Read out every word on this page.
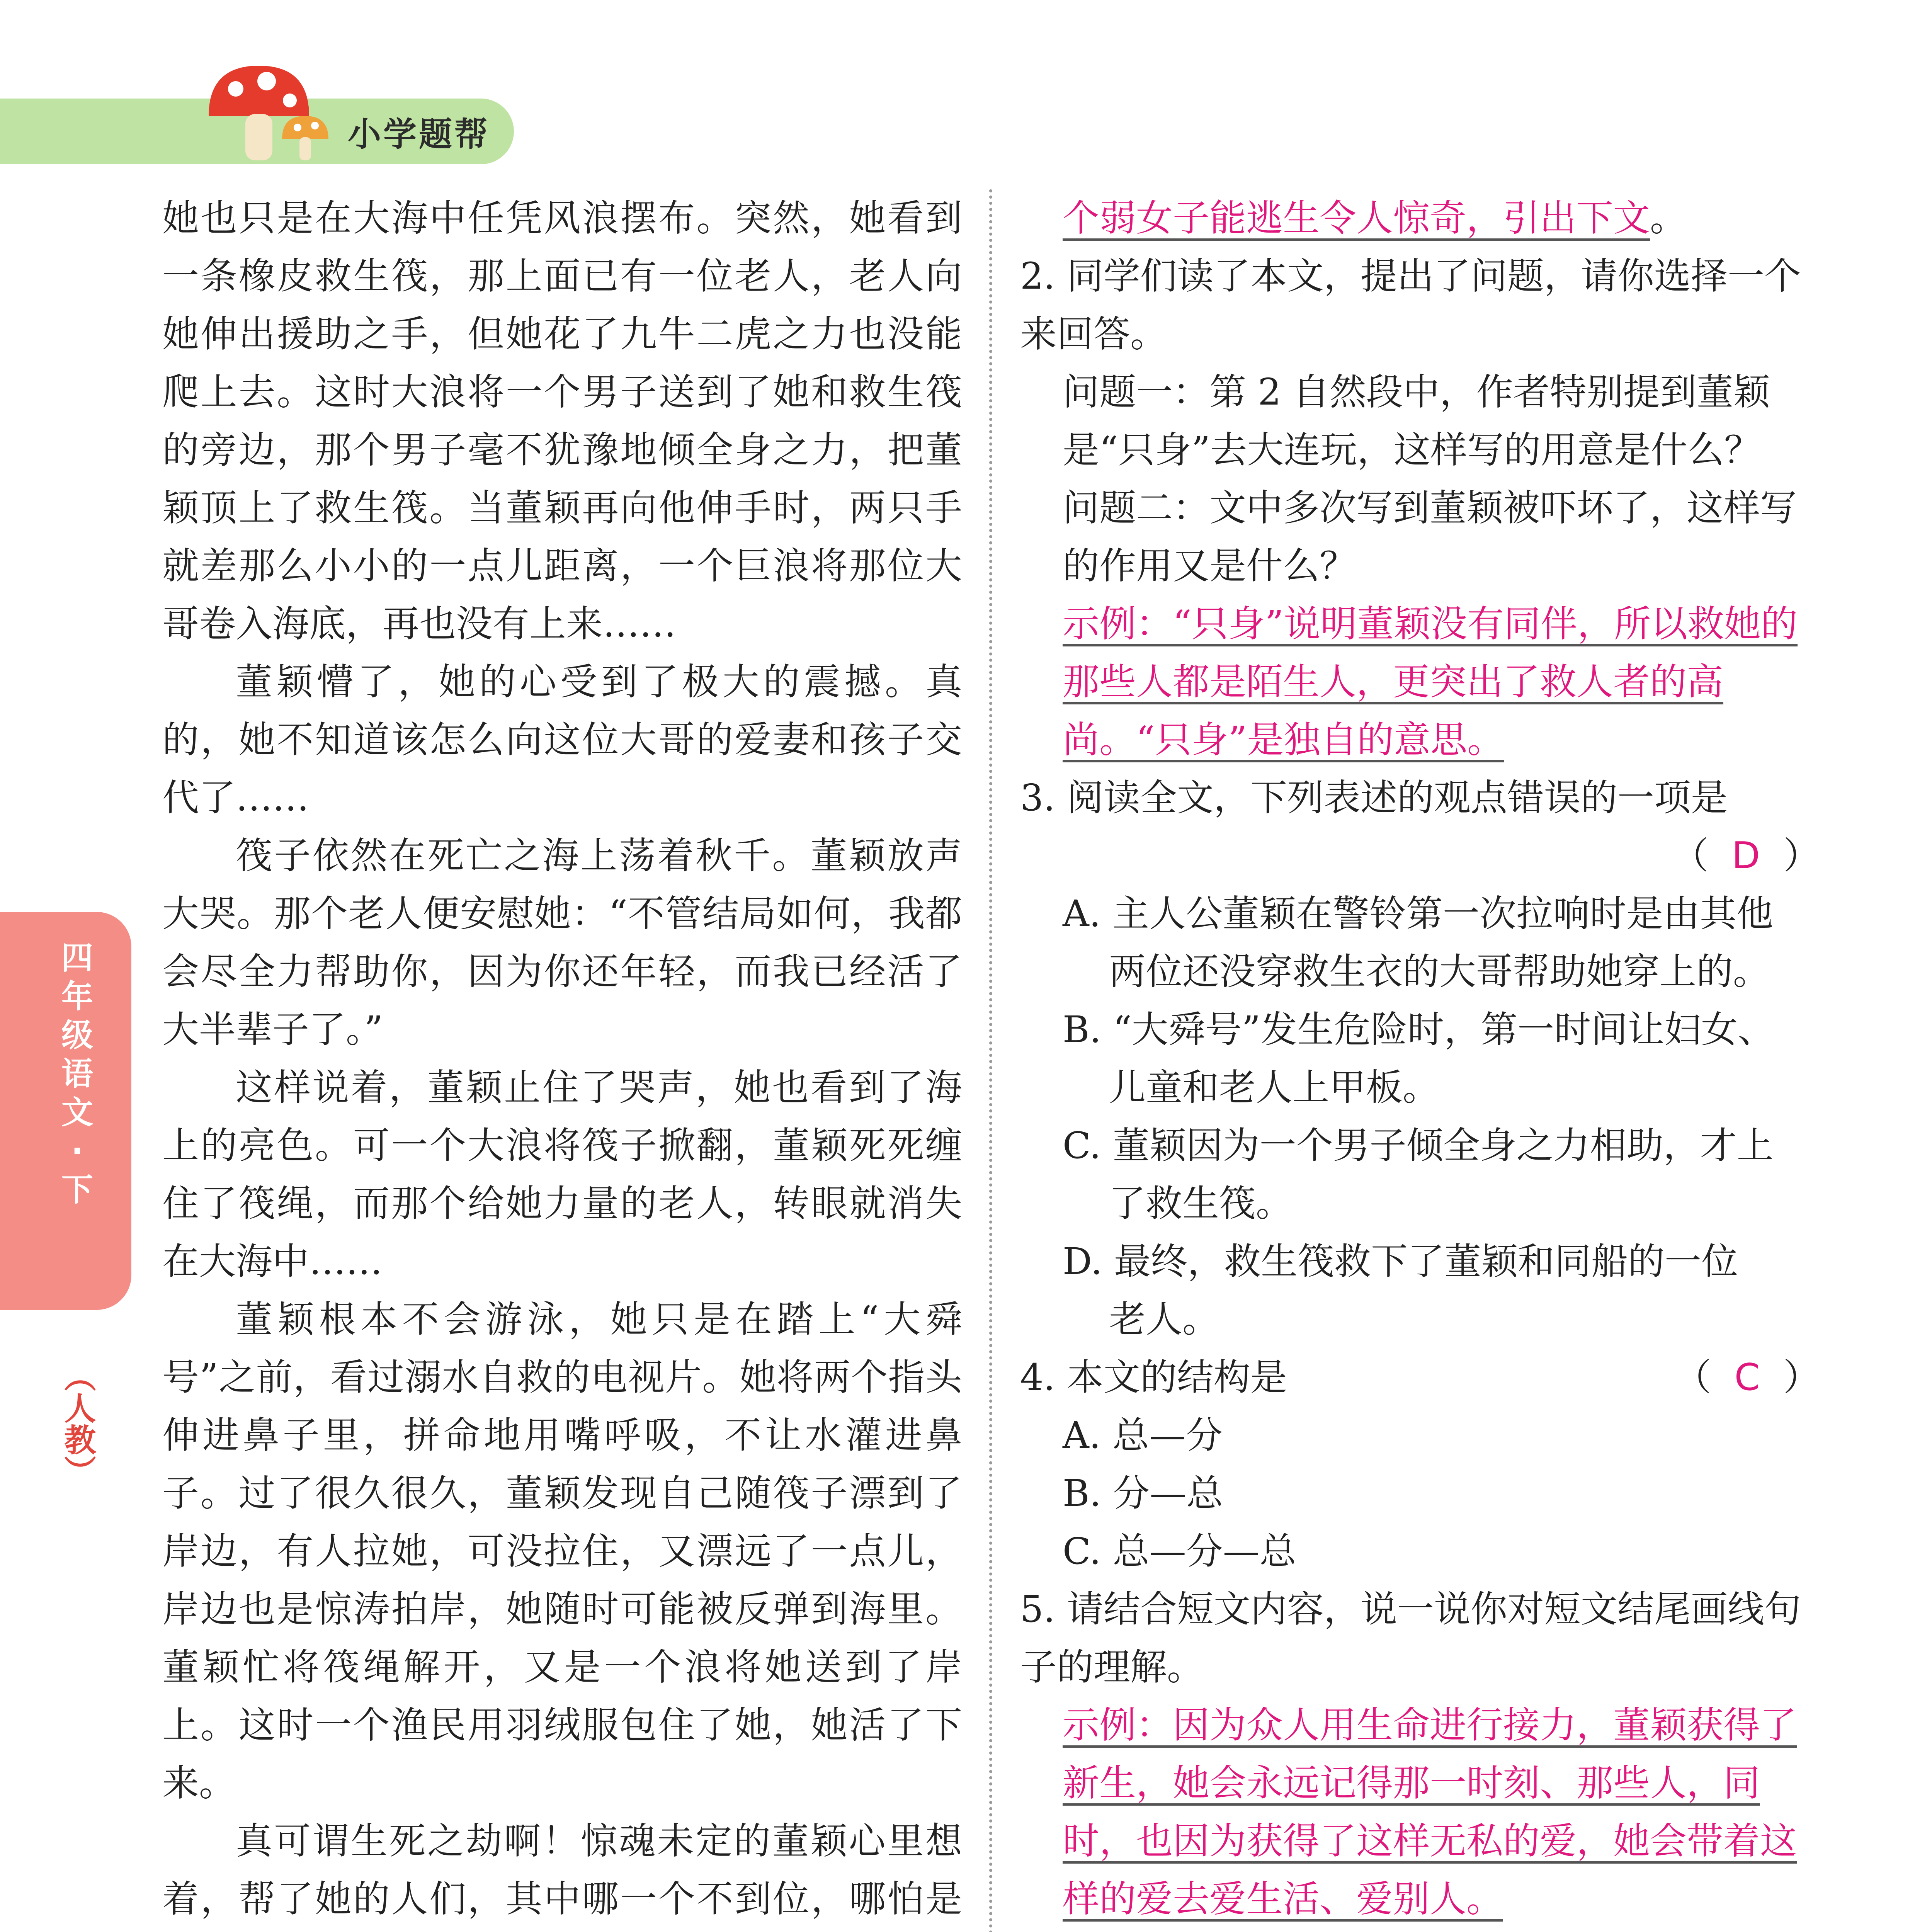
小学题帮
四
年
级
语
文
·
下
（人教）

她也只是在大海中任凭风浪摆布。突然，她看到一条橡皮救生筏，那上面已有一位老人，老人向她伸出援助之手，但她花了九牛二虎之力也没能爬上去。这时大浪将一个男子送到了她和救生筏的旁边，那个男子毫不犹豫地倾全身之力，把董颖顶上了救生筏。当董颖再向他伸手时，两只手就差那么小小的一点儿距离，一个巨浪将那位大哥卷入海底，再也没有上来……

董颖懵了，她的心受到了极大的震撼。真的，她不知道该怎么向这位大哥的爱妻和孩子交代了……

筏子依然在死亡之海上荡着秋千。董颖放声大哭。那个老人便安慰她：“不管结局如何，我都会尽全力帮助你，因为你还年轻，而我已经活了大半辈子了。”

这样说着，董颖止住了哭声，她也看到了海上的亮色。可一个大浪将筏子掀翻，董颖死死缠住了筏绳，而那个给她力量的老人，转眼就消失在大海中……

董颖根本不会游泳，她只是在踏上“大舜号”之前，看过溺水自救的电视片。她将两个指头伸进鼻子里，拼命地用嘴呼吸，不让水灌进鼻子。过了很久很久，董颖发现自己随筏子漂到了岸边，有人拉她，可没拉住，又漂远了一点儿，岸边也是惊涛拍岸，她随时可能被反弹到海里。董颖忙将筏绳解开，又是一个浪将她送到了岸上。这时一个渔民用羽绒服包住了她，她活了下来。

真可谓生死之劫啊！惊魂未定的董颖心里想着，帮了她的人们，其中哪一个不到位，哪怕是

个弱女子能逃生令人惊奇，引出下文。

2. 同学们读了本文，提出了问题，请你选择一个来回答。

问题一：第 2 自然段中，作者特别提到董颖是“只身”去大连玩，这样写的用意是什么？

问题二：文中多次写到董颖被吓坏了，这样写的作用又是什么？

示例：“只身”说明董颖没有同伴，所以救她的那些人都是陌生人，更突出了救人者的高尚。“只身”是独自的意思。

3. 阅读全文，下列表述的观点错误的一项是

（ D ）

A. 主人公董颖在警铃第一次拉响时是由其他

两位还没穿救生衣的大哥帮助她穿上的。

B. “大舜号”发生危险时，第一时间让妇女、

儿童和老人上甲板。

C. 董颖因为一个男子倾全身之力相助，才上

了救生筏。

D. 最终，救生筏救下了董颖和同船的一位

老人。

4. 本文的结构是	（ C ）

A. 总—分

B. 分—总

C. 总—分—总

5. 请结合短文内容，说一说你对短文结尾画线句子的理解。

示例：因为众人用生命进行接力，董颖获得了新生，她会永远记得那一时刻、那些人，同时，也因为获得了这样无私的爱，她会带着这样的爱去爱生活、爱别人。
